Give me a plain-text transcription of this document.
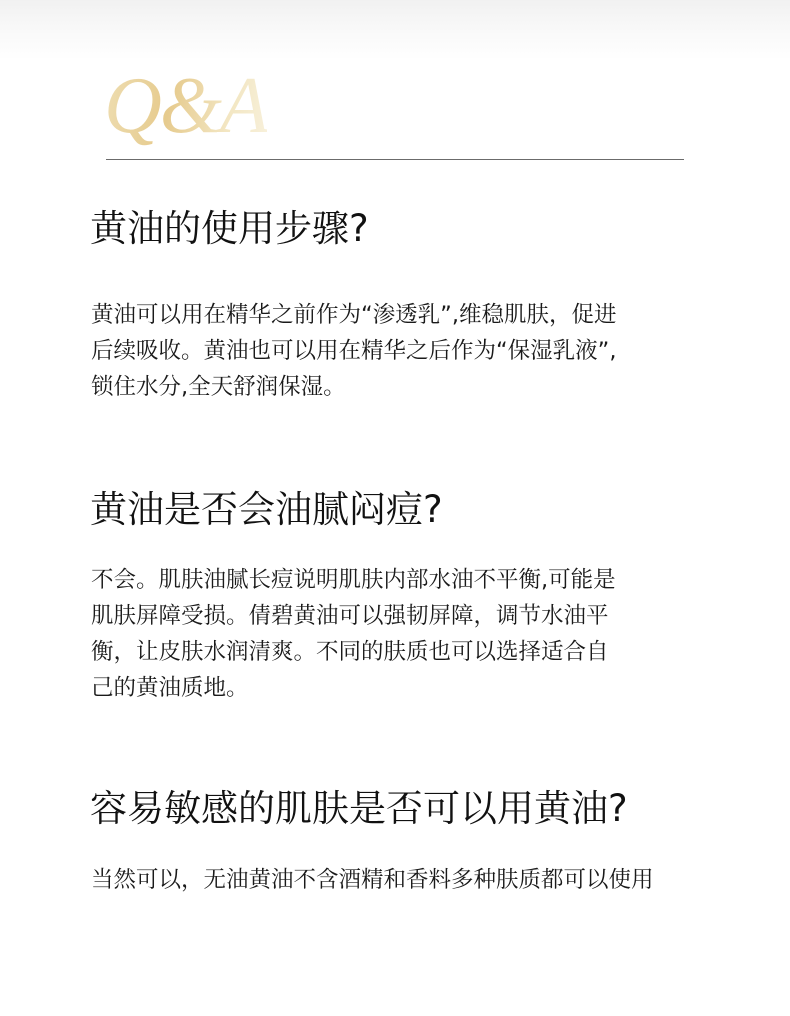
Q&A
黄油的使用步骤?

黄油可以用在精华之前作为“渗透乳”,维稳肌肤，促进
后续吸收。黄油也可以用在精华之后作为“保湿乳液”,
锁住水分,全天舒润保湿。

黄油是否会油腻闷痘?

不会。肌肤油腻长痘说明肌肤内部水油不平衡,可能是
肌肤屏障受损。倩碧黄油可以强韧屏障，调节水油平
衡，让皮肤水润清爽。不同的肤质也可以选择适合自
己的黄油质地。

容易敏感的肌肤是否可以用黄油?

当然可以，无油黄油不含酒精和香料多种肤质都可以使用
